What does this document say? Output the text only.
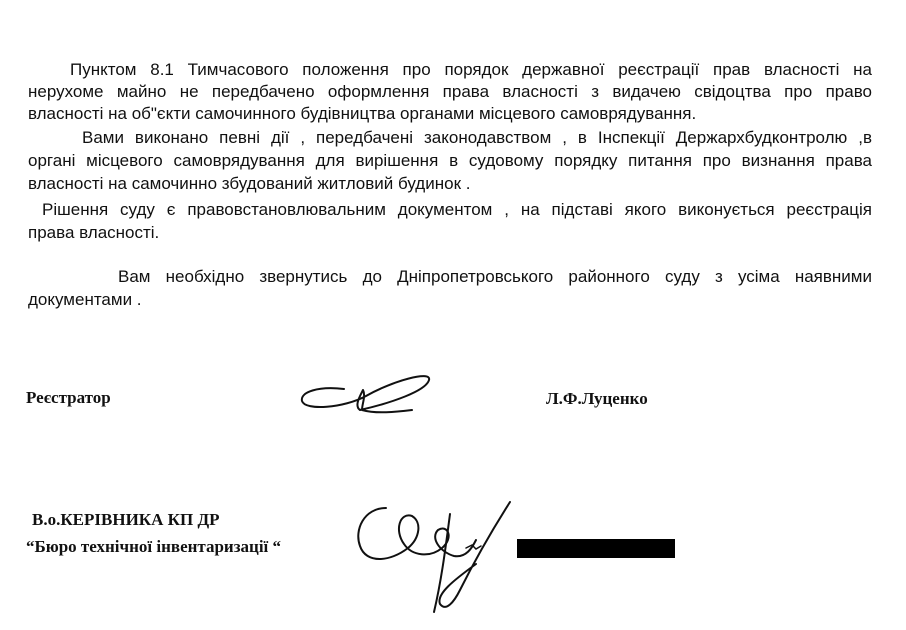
Пунктом 8.1 Тимчасового положення про порядок державної реєстрації прав власності на
нерухоме майно не передбачено оформлення права власності з видачею свідоцтва про право
власності на об"єкти самочинного будівництва органами місцевого самоврядування.
Вами виконано певні дії , передбачені законодавством , в Інспекції Держархбудконтролю ,в
органі місцевого самоврядування для вирішення в судовому порядку питання про визнання права
власності на самочинно збудований житловий будинок .
Рішення суду є правовстановлювальним документом , на підставі якого виконується реєстрація
права власності.
Вам необхідно звернутись до Дніпропетровського районного суду з усіма наявними
документами .
Реєстратор	Л.Ф.Луценко
В.о.КЕРІВНИКА КП ДР
“Бюро технічної інвентаризації “
